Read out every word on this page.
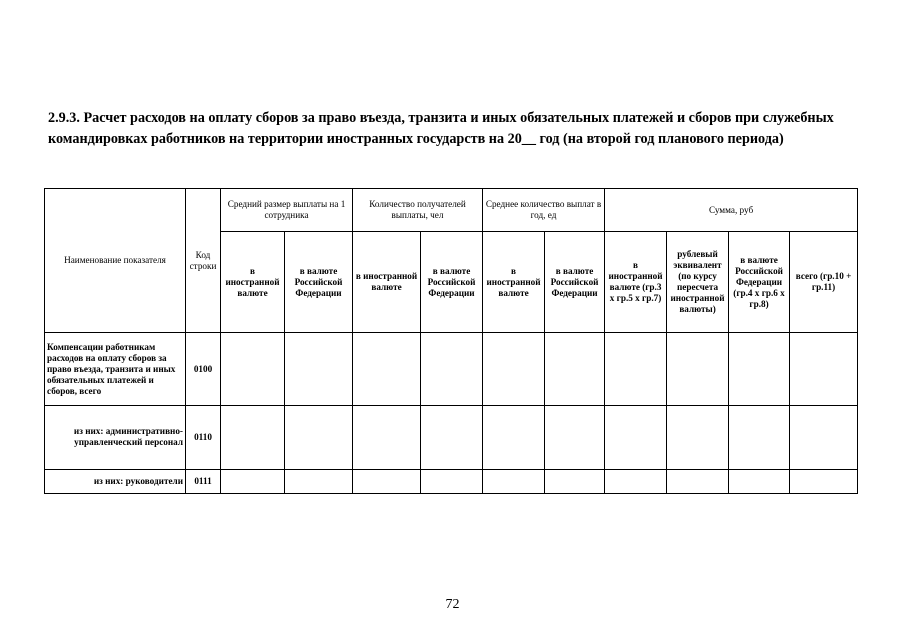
2.9.3. Расчет расходов на оплату сборов за право въезда, транзита и иных обязательных платежей и сборов при служебных командировках работников на территории иностранных государств на 20__ год (на второй год планового периода)
Наименование показателя	Код строки	Средний размер выплаты на 1 сотрудника		Количество получателей выплаты, чел		Среднее количество выплат в год, ед		Сумма, руб			
		в иностранной валюте	в валюте Российской Федерации	в иностранной валюте	в валюте Российской Федерации	в иностранной валюте	в валюте Российской Федерации	в иностранной валюте (гр.3 х гр.5 х гр.7)	рублевый эквивалент (по курсу пересчета иностранной валюты)	в валюте Российской Федерации (гр.4 х гр.6 х гр.8)	всего (гр.10 + гр.11)
Компенсации работникам расходов на оплату сборов за право въезда, транзита и иных обязательных платежей и сборов, всего	0100										
из них: административно-управленческий персонал	0110										
из них: руководители	0111										
72
